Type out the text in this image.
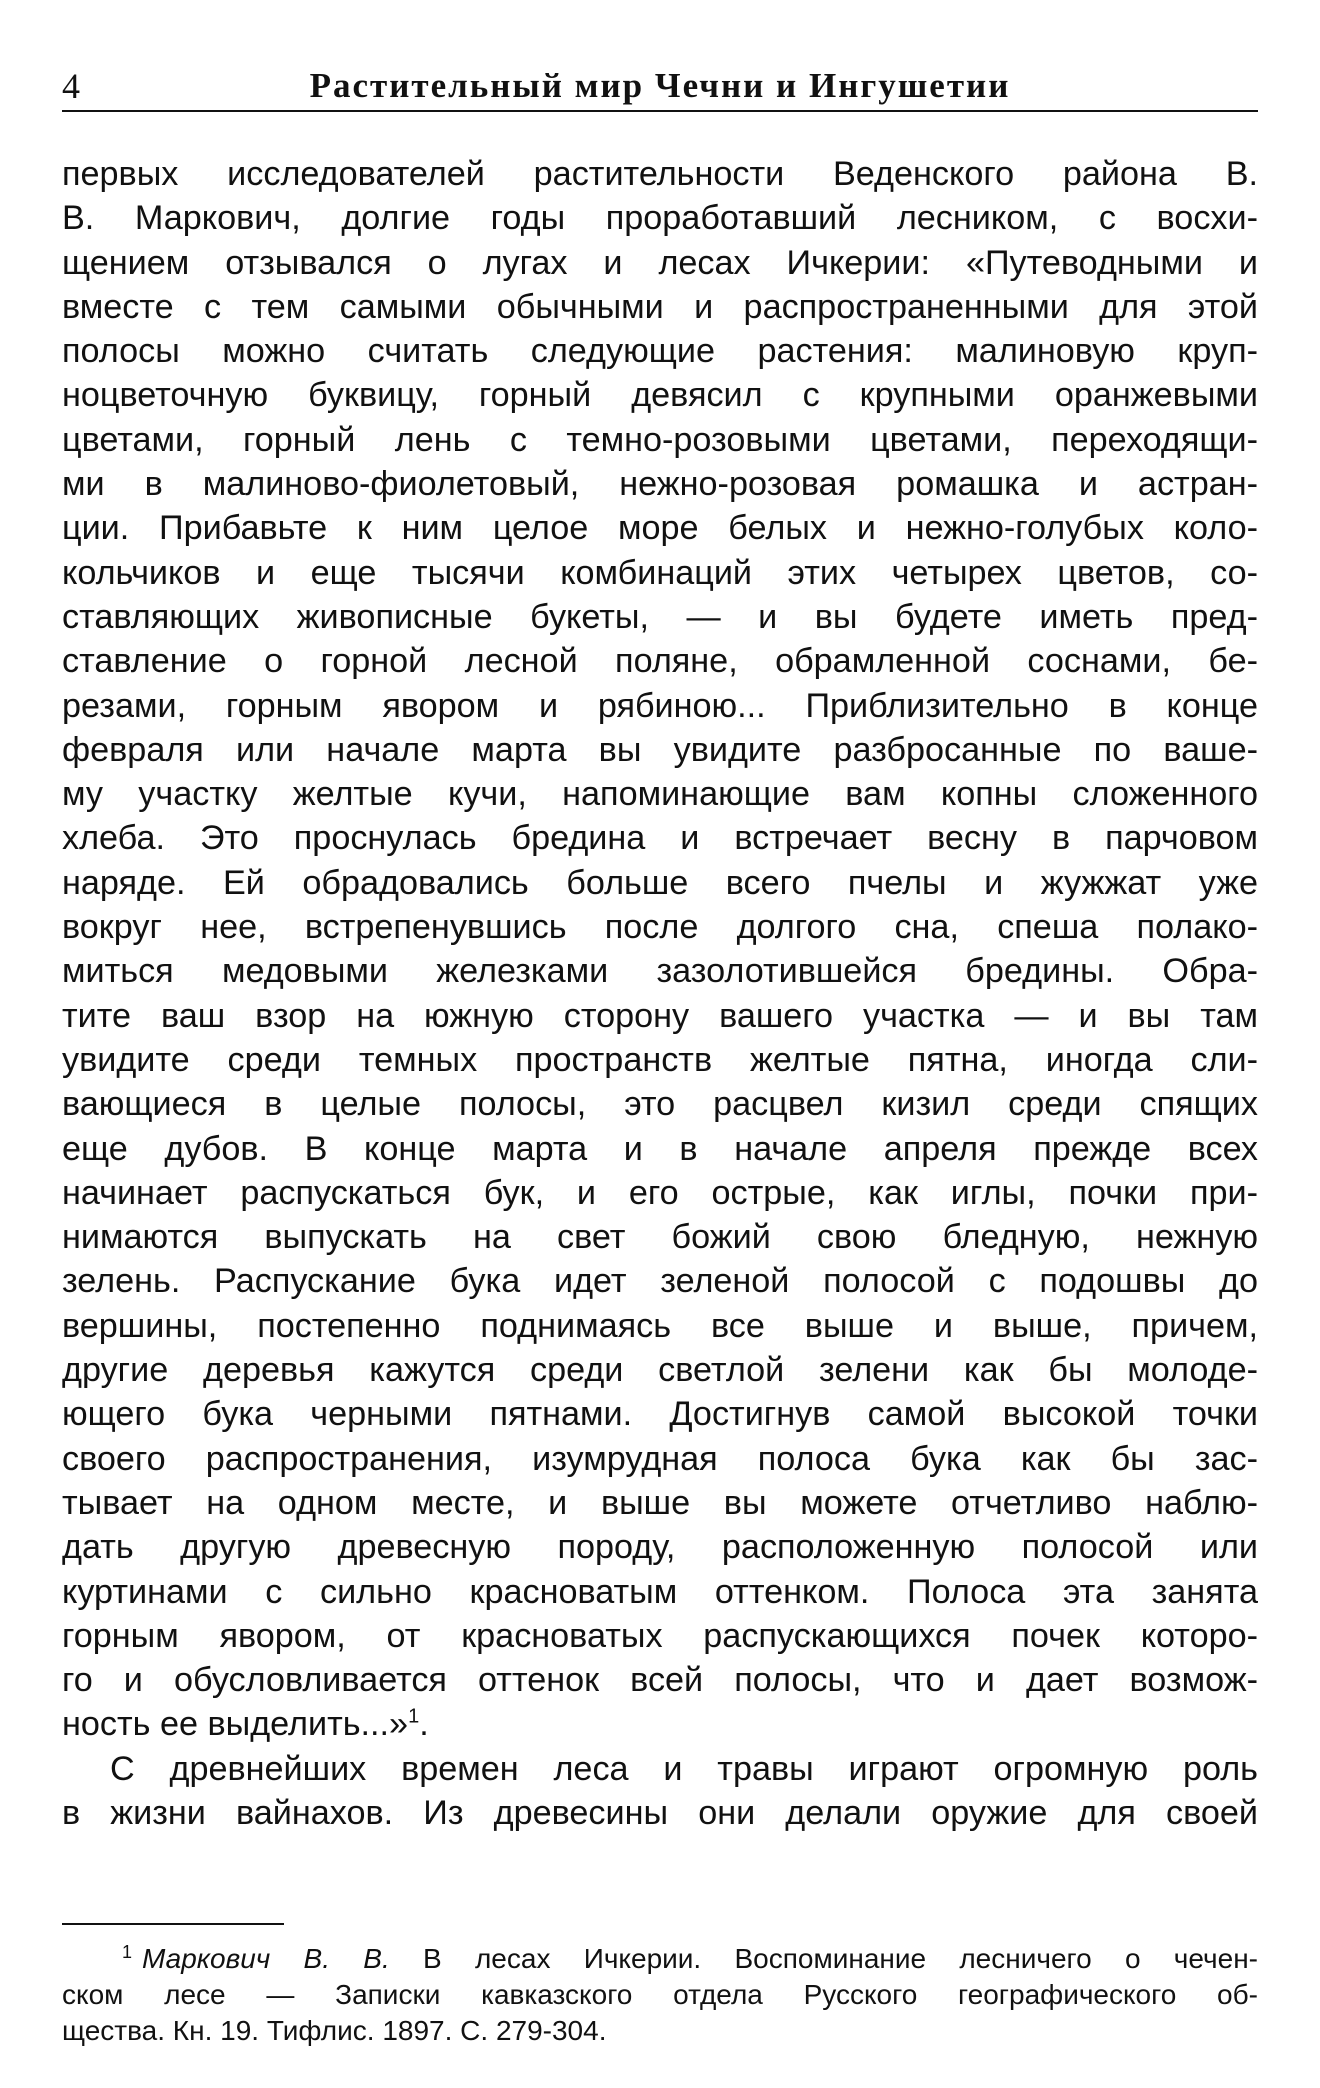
4	Растительный мир Чечни и Ингушетии
первых исследователей растительности Веденского района В.
В. Маркович, долгие годы проработавший лесником, с восхи-
щением отзывался о лугах и лесах Ичкерии: «Путеводными и
вместе с тем самыми обычными и распространенными для этой
полосы можно считать следующие растения: малиновую круп-
ноцветочную буквицу, горный девясил с крупными оранжевыми
цветами, горный лень с темно-розовыми цветами, переходящи-
ми в малиново-фиолетовый, нежно-розовая ромашка и астран-
ции. Прибавьте к ним целое море белых и нежно-голубых коло-
кольчиков и еще тысячи комбинаций этих четырех цветов, со-
ставляющих живописные букеты, — и вы будете иметь пред-
ставление о горной лесной поляне, обрамленной соснами, бе-
резами, горным явором и рябиною... Приблизительно в конце
февраля или начале марта вы увидите разбросанные по ваше-
му участку желтые кучи, напоминающие вам копны сложенного
хлеба. Это проснулась бредина и встречает весну в парчовом
наряде. Ей обрадовались больше всего пчелы и жужжат уже
вокруг нее, встрепенувшись после долгого сна, спеша полако-
миться медовыми железками зазолотившейся бредины. Обра-
тите ваш взор на южную сторону вашего участка — и вы там
увидите среди темных пространств желтые пятна, иногда сли-
вающиеся в целые полосы, это расцвел кизил среди спящих
еще дубов. В конце марта и в начале апреля прежде всех
начинает распускаться бук, и его острые, как иглы, почки при-
нимаются выпускать на свет божий свою бледную, нежную
зелень. Распускание бука идет зеленой полосой с подошвы до
вершины, постепенно поднимаясь все выше и выше, причем,
другие деревья кажутся среди светлой зелени как бы молоде-
ющего бука черными пятнами. Достигнув самой высокой точки
своего распространения, изумрудная полоса бука как бы зас-
тывает на одном месте, и выше вы можете отчетливо наблю-
дать другую древесную породу, расположенную полосой или
куртинами с сильно красноватым оттенком. Полоса эта занята
горным явором, от красноватых распускающихся почек которо-
го и обусловливается оттенок всей полосы, что и дает возмож-
ность ее выделить...»$^1$.
С древнейших времен леса и травы играют огромную роль
в жизни вайнахов. Из древесины они делали оружие для своей
$^1$ Маркович В. В. В лесах Ичкерии. Воспоминание лесничего о чечен-
ском лесе — Записки кавказского отдела Русского географического об-
щества. Кн. 19. Тифлис. 1897. С. 279-304.
